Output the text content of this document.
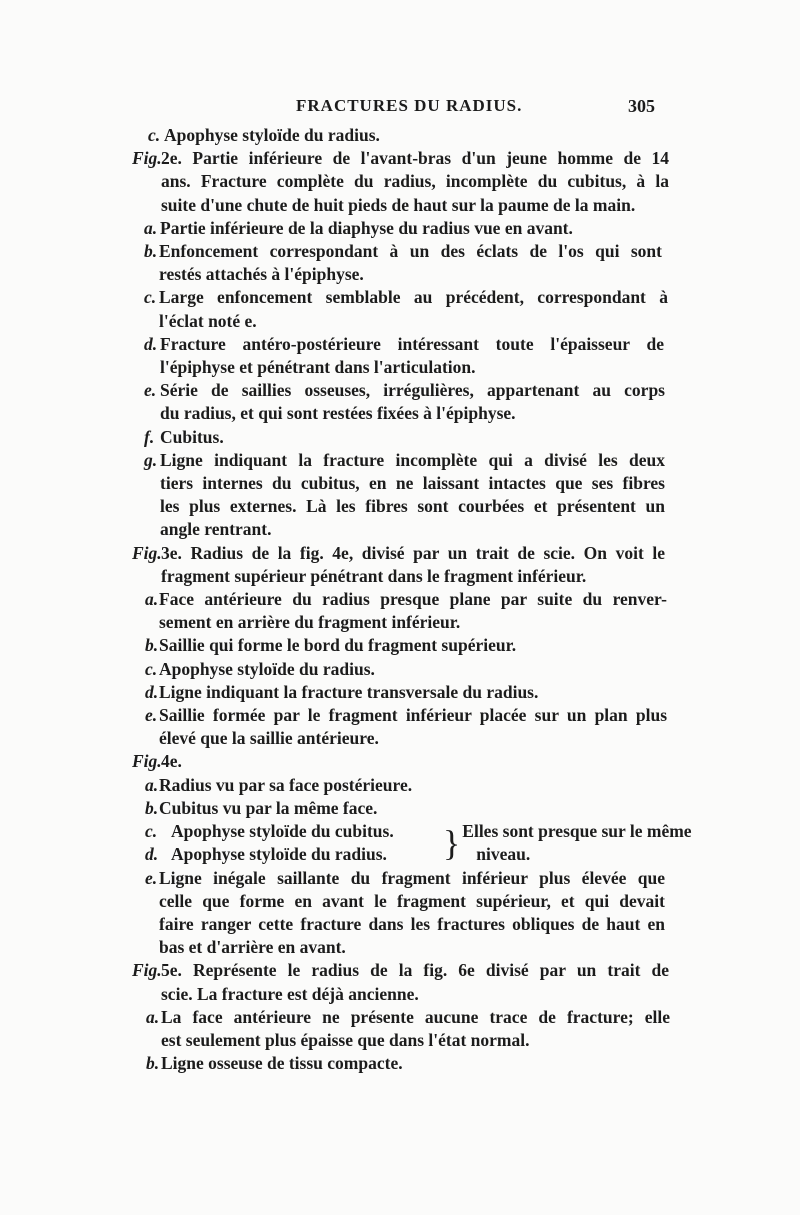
FRACTURES DU RADIUS.	305
c. Apophyse styloïde du radius.
Fig. 2e. Partie inférieure de l'avant-bras d'un jeune homme de 14
ans. Fracture complète du radius, incomplète du cubitus, à la
suite d'une chute de huit pieds de haut sur la paume de la main.
a. Partie inférieure de la diaphyse du radius vue en avant.
b. Enfoncement correspondant à un des éclats de l'os qui sont
restés attachés à l'épiphyse.
c. Large enfoncement semblable au précédent, correspondant à
l'éclat noté e.
d. Fracture antéro-postérieure intéressant toute l'épaisseur de
l'épiphyse et pénétrant dans l'articulation.
e. Série de saillies osseuses, irrégulières, appartenant au corps
du radius, et qui sont restées fixées à l'épiphyse.
f. Cubitus.
g. Ligne indiquant la fracture incomplète qui a divisé les deux
tiers internes du cubitus, en ne laissant intactes que ses fibres
les plus externes. Là les fibres sont courbées et présentent un
angle rentrant.
Fig. 3e. Radius de la fig. 4e, divisé par un trait de scie. On voit le
fragment supérieur pénétrant dans le fragment inférieur.
a. Face antérieure du radius presque plane par suite du renver-
sement en arrière du fragment inférieur.
b. Saillie qui forme le bord du fragment supérieur.
c. Apophyse styloïde du radius.
d. Ligne indiquant la fracture transversale du radius.
e. Saillie formée par le fragment inférieur placée sur un plan plus
élevé que la saillie antérieure.
Fig. 4e.
a. Radius vu par sa face postérieure.
b. Cubitus vu par la même face.
c. Apophyse styloïde du cubitus.
d. Apophyse styloïde du radius.	} Elles sont presque sur le même
niveau.
e. Ligne inégale saillante du fragment inférieur plus élevée que
celle que forme en avant le fragment supérieur, et qui devait
faire ranger cette fracture dans les fractures obliques de haut en
bas et d'arrière en avant.
Fig. 5e. Représente le radius de la fig. 6e divisé par un trait de
scie. La fracture est déjà ancienne.
a. La face antérieure ne présente aucune trace de fracture; elle
est seulement plus épaisse que dans l'état normal.
b. Ligne osseuse de tissu compacte.
